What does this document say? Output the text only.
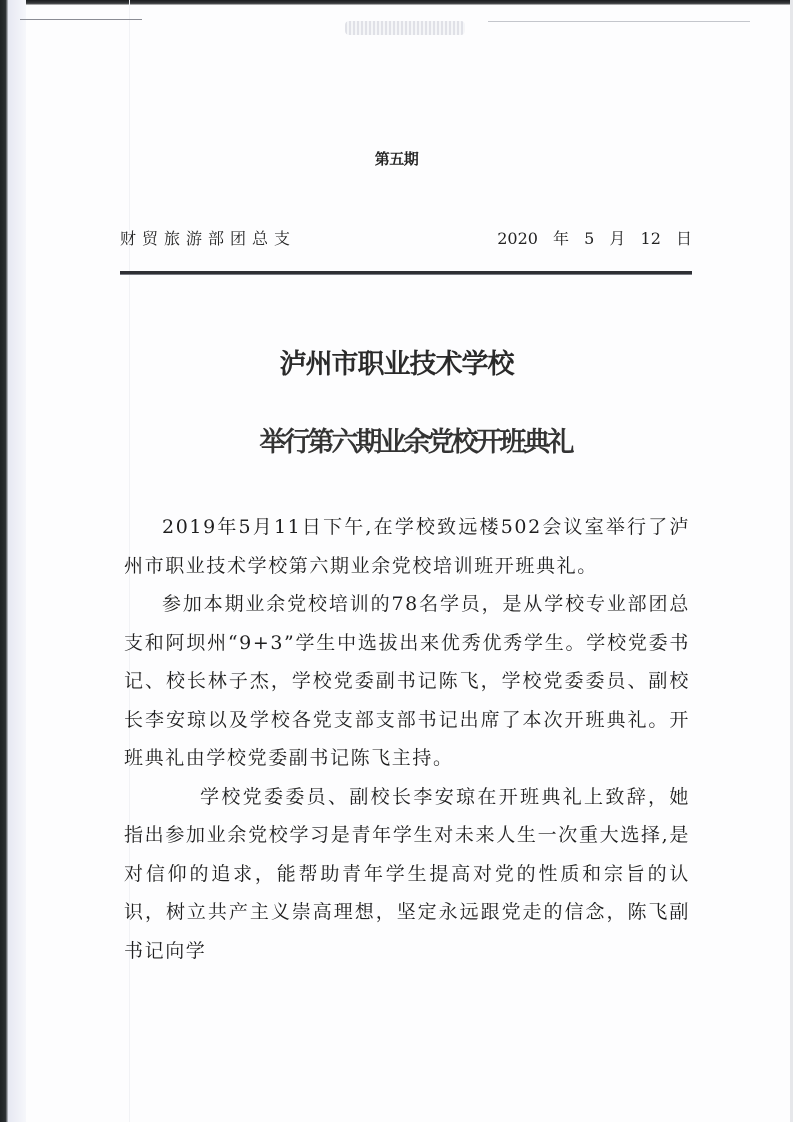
第五期
财贸旅游部团总支	2020 年 5 月 12 日
泸州市职业技术学校
举行第六期业余党校开班典礼

2019年5月11日下午,在学校致远楼502会议室举行了泸州市职业技术学校第六期业余党校培训班开班典礼。

参加本期业余党校培训的78名学员，是从学校专业部团总支和阿坝州“9+3”学生中选拔出来优秀优秀学生。学校党委书记、校长林子杰，学校党委副书记陈飞，学校党委委员、副校长李安琼以及学校各党支部支部书记出席了本次开班典礼。开班典礼由学校党委副书记陈飞主持。

学校党委委员、副校长李安琼在开班典礼上致辞，她指出参加业余党校学习是青年学生对未来人生一次重大选择,是对信仰的追求，能帮助青年学生提高对党的性质和宗旨的认识，树立共产主义崇高理想，坚定永远跟党走的信念，陈飞副书记向学
